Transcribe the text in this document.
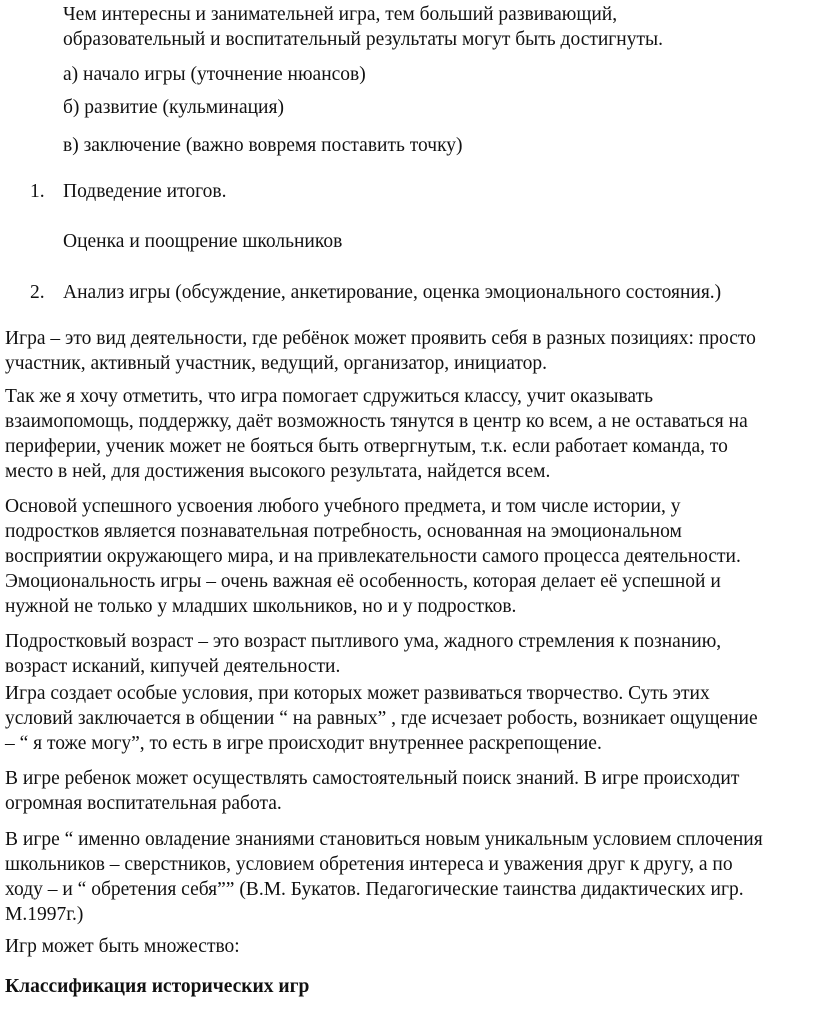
Чем интересны и занимательней игра, тем больший развивающий,
образовательный и воспитательный результаты могут быть достигнуты.
а) начало игры (уточнение нюансов)
б) развитие (кульминация)
в) заключение (важно вовремя поставить точку)
1. Подведение итогов.
Оценка и поощрение школьников
2. Анализ игры (обсуждение, анкетирование, оценка эмоционального состояния.)
Игра – это вид деятельности, где ребёнок может проявить себя в разных позициях: просто
участник, активный участник, ведущий, организатор, инициатор.
Так же я хочу отметить, что игра помогает сдружиться классу, учит оказывать
взаимопомощь, поддержку, даёт возможность тянутся в центр ко всем, а не оставаться на
периферии, ученик может не бояться быть отвергнутым, т.к. если работает команда, то
место в ней, для достижения высокого результата, найдется всем.
Основой успешного усвоения любого учебного предмета, и том числе истории, у
подростков является познавательная потребность, основанная на эмоциональном
восприятии окружающего мира, и на привлекательности самого процесса деятельности.
Эмоциональность игры – очень важная её особенность, которая делает её успешной и
нужной не только у младших школьников, но и у подростков.
Подростковый возраст – это возраст пытливого ума, жадного стремления к познанию,
возраст исканий, кипучей деятельности.
Игра создает особые условия, при которых может развиваться творчество. Суть этих
условий заключается в общении “ на равных” , где исчезает робость, возникает ощущение
– “ я тоже могу”, то есть в игре происходит внутреннее раскрепощение.
В игре ребенок может осуществлять самостоятельный поиск знаний. В игре происходит
огромная воспитательная работа.
В игре “ именно овладение знаниями становиться новым уникальным условием сплочения
школьников – сверстников, условием обретения интереса и уважения друг к другу, а по
ходу – и “ обретения себя”” (В.М. Букатов. Педагогические таинства дидактических игр.
М.1997г.)
Игр может быть множество:
Классификация исторических игр
